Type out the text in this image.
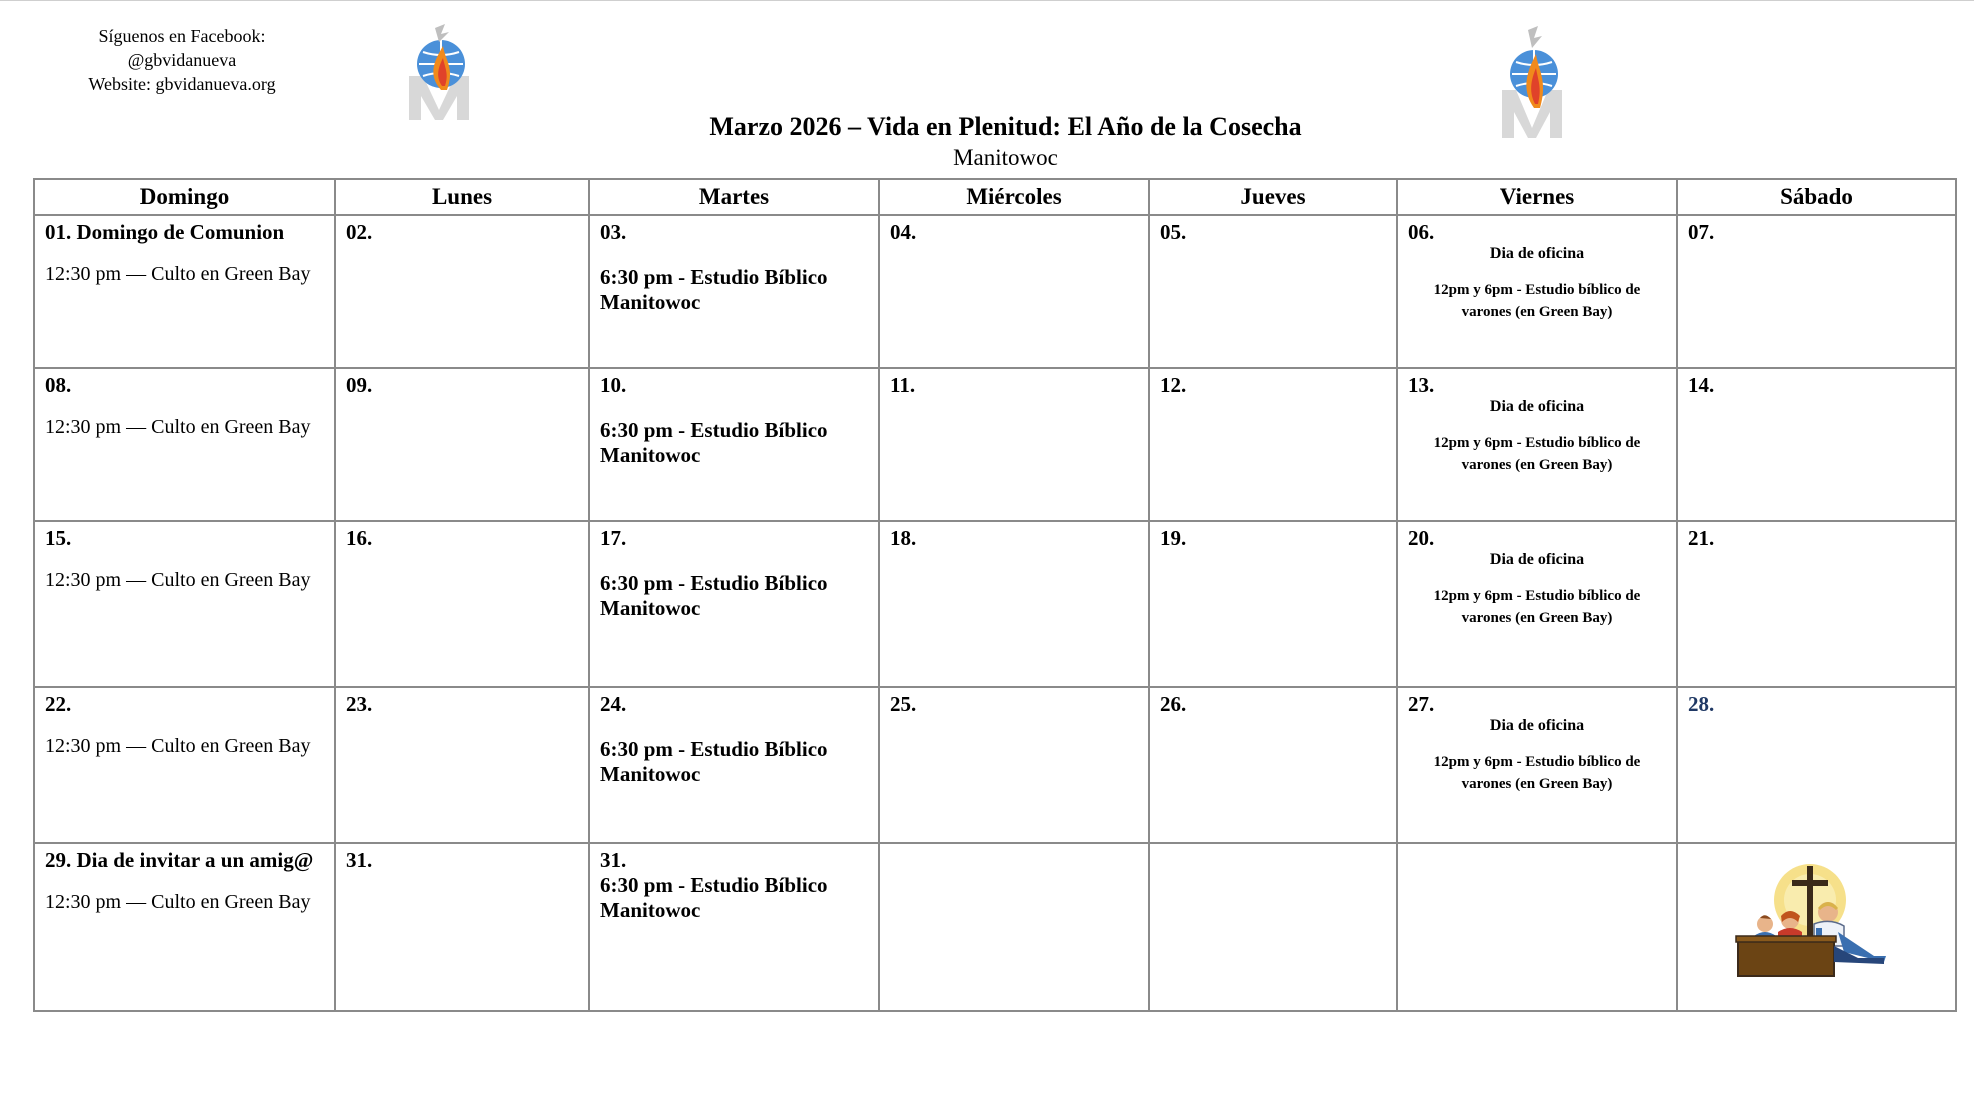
Síguenos en Facebook:
@gbvidanueva
Website: gbvidanueva.org
Marzo 2026 – Vida en Plenitud: El Año de la Cosecha
Manitowoc
Domingo	Lunes	Martes	Miércoles	Jueves	Viernes	Sábado

01. Domingo de Comunion
12:30 pm — Culto en Green Bay	02.	03.
6:30 pm - Estudio Bíblico
Manitowoc	04.	05.	06.
Dia de oficina
12pm y 6pm - Estudio bíblico de
varones (en Green Bay)	07.

08.
12:30 pm — Culto en Green Bay	09.	10.
6:30 pm - Estudio Bíblico
Manitowoc	11.	12.	13.
Dia de oficina
12pm y 6pm - Estudio bíblico de
varones (en Green Bay)	14.

15.
12:30 pm — Culto en Green Bay	16.	17.
6:30 pm - Estudio Bíblico
Manitowoc	18.	19.	20.
Dia de oficina
12pm y 6pm - Estudio bíblico de
varones (en Green Bay)	21.

22.
12:30 pm — Culto en Green Bay	23.	24.
6:30 pm - Estudio Bíblico
Manitowoc	25.	26.	27.
Dia de oficina
12pm y 6pm - Estudio bíblico de
varones (en Green Bay)	28.

29. Dia de invitar a un amig@
12:30 pm — Culto en Green Bay	31.	31.
6:30 pm - Estudio Bíblico
Manitowoc
